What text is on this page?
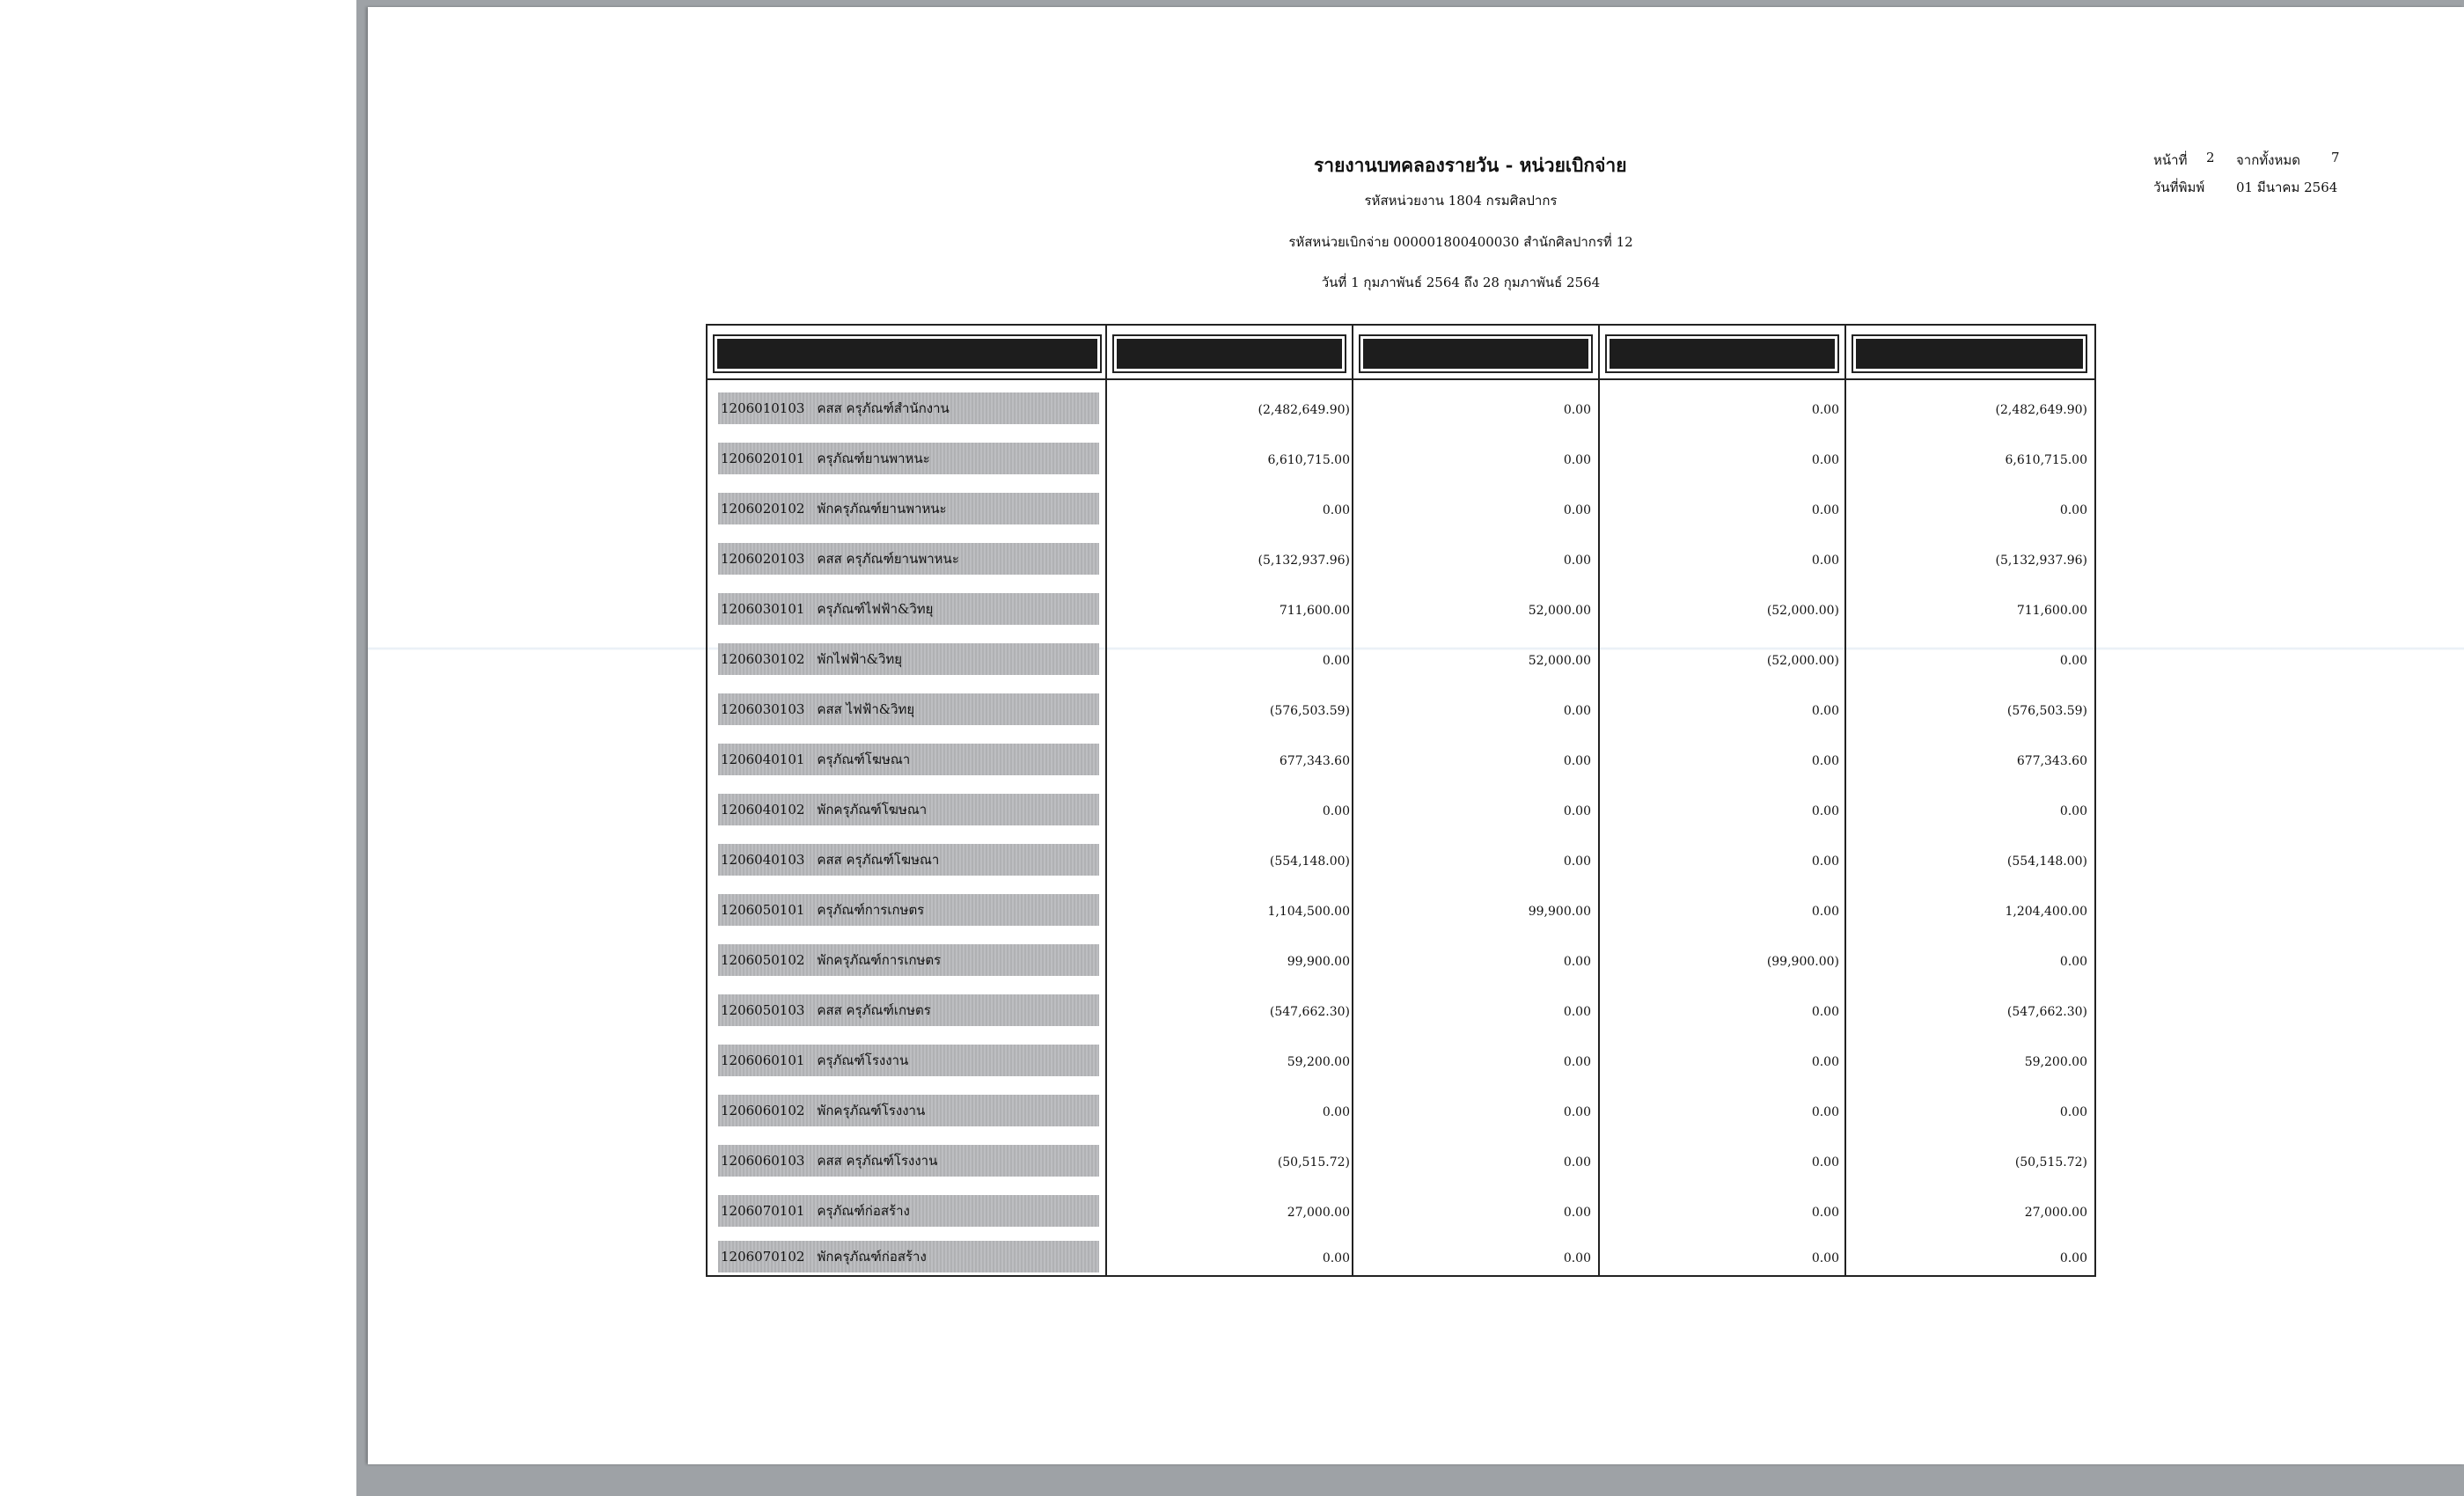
รายงานบทคลองรายวัน - หน่วยเบิกจ่าย
รหัสหน่วยงาน 1804 กรมศิลปากร
รหัสหน่วยเบิกจ่าย 000001800400030 สำนักศิลปากรที่ 12
วันที่ 1 กุมภาพันธ์ 2564 ถึง 28 กุมภาพันธ์ 2564
หน้าที่ 2 จากทั้งหมด 7
วันที่พิมพ์ 01 มีนาคม 2564
1206010103 คสส ครุภัณฑ์สำนักงาน	(2,482,649.90)	0.00	0.00	(2,482,649.90)
1206020101 ครุภัณฑ์ยานพาหนะ	6,610,715.00	0.00	0.00	6,610,715.00
1206020102 พักครุภัณฑ์ยานพาหนะ	0.00	0.00	0.00	0.00
1206020103 คสส ครุภัณฑ์ยานพาหนะ	(5,132,937.96)	0.00	0.00	(5,132,937.96)
1206030101 ครุภัณฑ์ไฟฟ้า&วิทยุ	711,600.00	52,000.00	(52,000.00)	711,600.00
1206030102 พักไฟฟ้า&วิทยุ	0.00	52,000.00	(52,000.00)	0.00
1206030103 คสส ไฟฟ้า&วิทยุ	(576,503.59)	0.00	0.00	(576,503.59)
1206040101 ครุภัณฑ์โฆษณา	677,343.60	0.00	0.00	677,343.60
1206040102 พักครุภัณฑ์โฆษณา	0.00	0.00	0.00	0.00
1206040103 คสส ครุภัณฑ์โฆษณา	(554,148.00)	0.00	0.00	(554,148.00)
1206050101 ครุภัณฑ์การเกษตร	1,104,500.00	99,900.00	0.00	1,204,400.00
1206050102 พักครุภัณฑ์การเกษตร	99,900.00	0.00	(99,900.00)	0.00
1206050103 คสส ครุภัณฑ์เกษตร	(547,662.30)	0.00	0.00	(547,662.30)
1206060101 ครุภัณฑ์โรงงาน	59,200.00	0.00	0.00	59,200.00
1206060102 พักครุภัณฑ์โรงงาน	0.00	0.00	0.00	0.00
1206060103 คสส ครุภัณฑ์โรงงาน	(50,515.72)	0.00	0.00	(50,515.72)
1206070101 ครุภัณฑ์ก่อสร้าง	27,000.00	0.00	0.00	27,000.00
1206070102 พักครุภัณฑ์ก่อสร้าง	0.00	0.00	0.00	0.00
